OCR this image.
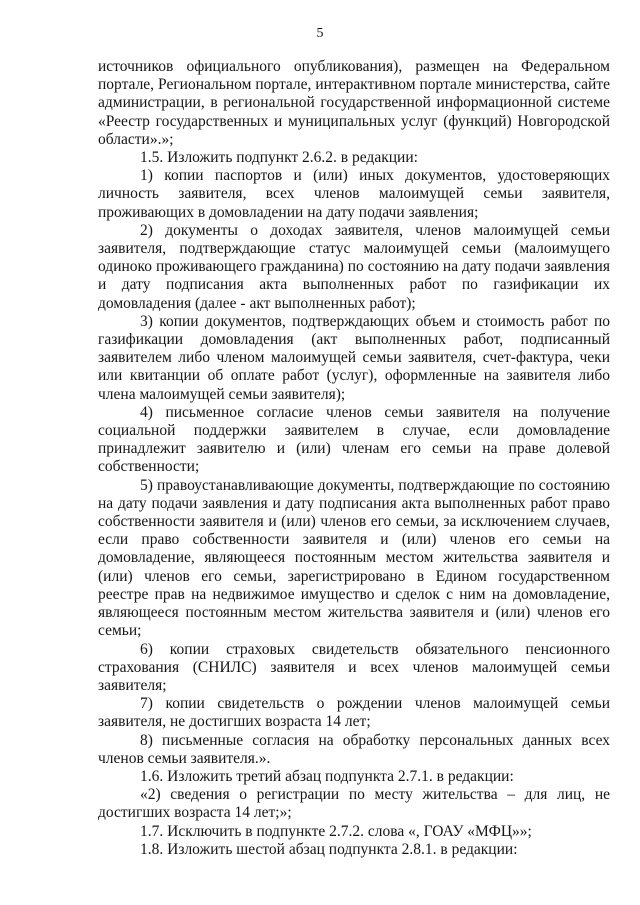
5

источников официального опубликования), размещен на Федеральном портале, Региональном портале, интерактивном портале министерства, сайте администрации, в региональной государственной информационной системе «Реестр государственных и муниципальных услуг (функций) Новгородской области».»;

1.5. Изложить подпункт 2.6.2. в редакции:

1) копии паспортов и (или) иных документов, удостоверяющих личность заявителя, всех членов малоимущей семьи заявителя, проживающих в домовладении на дату подачи заявления;

2) документы о доходах заявителя, членов малоимущей семьи заявителя, подтверждающие статус малоимущей семьи (малоимущего одиноко проживающего гражданина) по состоянию на дату подачи заявления и дату подписания акта выполненных работ по газификации их домовладения (далее - акт выполненных работ);

3) копии документов, подтверждающих объем и стоимость работ по газификации домовладения (акт выполненных работ, подписанный заявителем либо членом малоимущей семьи заявителя, счет-фактура, чеки или квитанции об оплате работ (услуг), оформленные на заявителя либо члена малоимущей семьи заявителя);

4) письменное согласие членов семьи заявителя на получение социальной поддержки заявителем в случае, если домовладение принадлежит заявителю и (или) членам его семьи на праве долевой собственности;

5) правоустанавливающие документы, подтверждающие по состоянию на дату подачи заявления и дату подписания акта выполненных работ право собственности заявителя и (или) членов его семьи, за исключением случаев, если право собственности заявителя и (или) членов его семьи на домовладение, являющееся постоянным местом жительства заявителя и (или) членов его семьи, зарегистрировано в Едином государственном реестре прав на недвижимое имущество и сделок с ним на домовладение, являющееся постоянным местом жительства заявителя и (или) членов его семьи;

6) копии страховых свидетельств обязательного пенсионного страхования (СНИЛС) заявителя и всех членов малоимущей семьи заявителя;

7) копии свидетельств о рождении членов малоимущей семьи заявителя, не достигших возраста 14 лет;

8) письменные согласия на обработку персональных данных всех членов семьи заявителя.».

1.6. Изложить третий абзац подпункта 2.7.1. в редакции:

«2) сведения о регистрации по месту жительства – для лиц, не достигших возраста 14 лет;»;

1.7. Исключить в подпункте 2.7.2. слова «, ГОАУ «МФЦ»»;

1.8. Изложить шестой абзац подпункта 2.8.1. в редакции:
